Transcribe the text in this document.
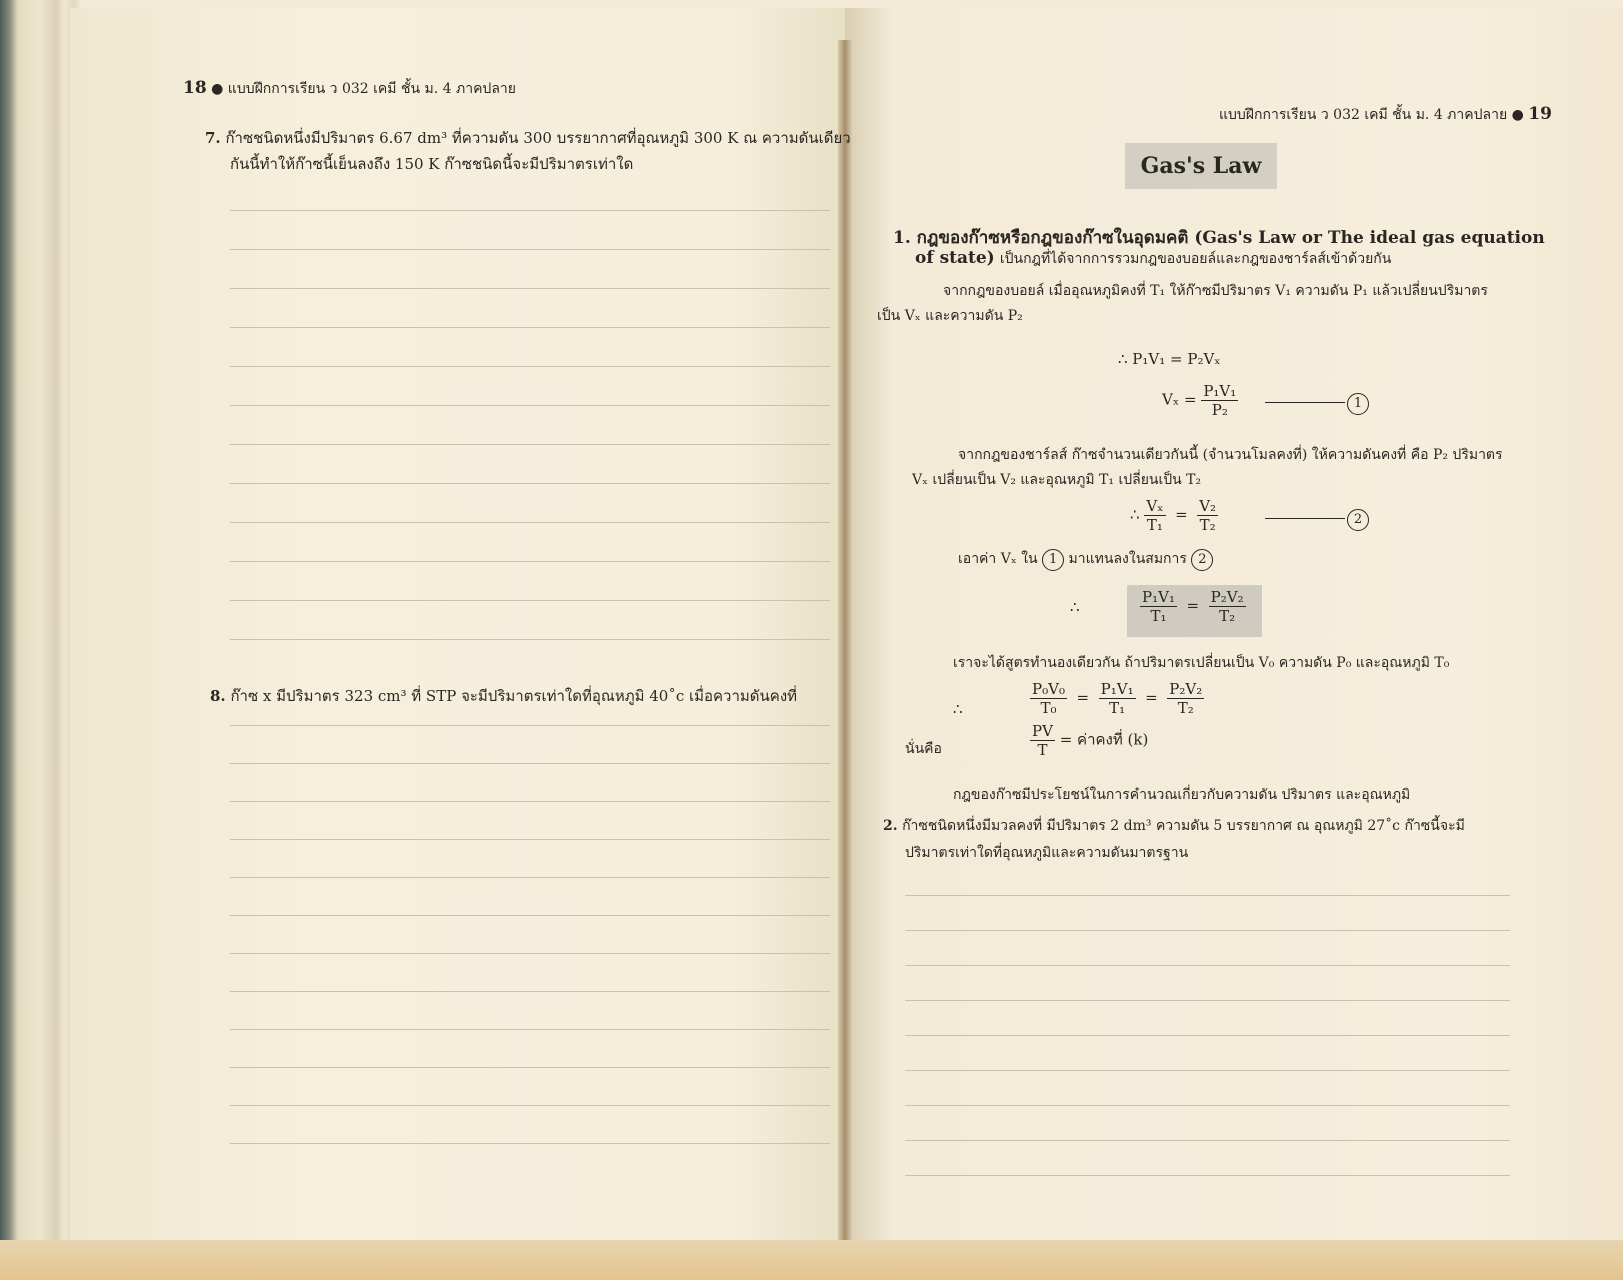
18 ● แบบฝึกการเรียน ว 032 เคมี ชั้น ม. 4 ภาคปลาย
7. ก๊าซชนิดหนึ่งมีปริมาตร 6.67 dm³ ที่ความดัน 300 บรรยากาศที่อุณหภูมิ 300 K ณ ความดันเดียว
กันนี้ทำให้ก๊าซนี้เย็นลงถึง 150 K ก๊าซชนิดนี้จะมีปริมาตรเท่าใด
8. ก๊าซ x มีปริมาตร 323 cm³ ที่ STP จะมีปริมาตรเท่าใดที่อุณหภูมิ 40˚c เมื่อความดันคงที่
แบบฝึกการเรียน ว 032 เคมี ชั้น ม. 4 ภาคปลาย ● 19
Gas's Law
1. กฎของก๊าซหรือกฎของก๊าซในอุดมคติ (Gas's Law or The ideal gas equation
of state) เป็นกฎที่ได้จากการรวมกฎของบอยล์และกฎของชาร์ลส์เข้าด้วยกัน
จากกฎของบอยล์ เมื่ออุณหภูมิคงที่ T₁ ให้ก๊าซมีปริมาตร V₁ ความดัน P₁ แล้วเปลี่ยนปริมาตร
เป็น Vₓ และความดัน P₂
∴ P₁V₁ = P₂Vₓ
$V_x = \frac{\text{P₁V₁}}{\text{P₂}}$	1
จากกฎของชาร์ลส์ ก๊าซจำนวนเดียวกันนี้ (จำนวนโมลคงที่) ให้ความดันคงที่ คือ P₂ ปริมาตร
Vₓ เปลี่ยนเป็น V₂ และอุณหภูมิ T₁ เปลี่ยนเป็น T₂
∴ $\frac{\text{Vₓ}}{\text{T₁}} = \frac{\text{V₂}}{\text{T₂}}$	2
เอาค่า Vₓ ใน 1 มาแทนลงในสมการ 2
∴	$\frac{\text{P₁V₁}}{\text{T₁}} = \frac{\text{P₂V₂}}{\text{T₂}}$
เราจะได้สูตรทำนองเดียวกัน ถ้าปริมาตรเปลี่ยนเป็น V₀ ความดัน P₀ และอุณหภูมิ T₀
∴	$\frac{\text{P₀V₀}}{\text{T₀}} = \frac{\text{P₁V₁}}{\text{T₁}} = \frac{\text{P₂V₂}}{\text{T₂}}$
นั่นคือ	$\frac{PV}{T}$ = ค่าคงที่ (k)
กฎของก๊าซมีประโยชน์ในการคำนวณเกี่ยวกับความดัน ปริมาตร และอุณหภูมิ
2. ก๊าซชนิดหนึ่งมีมวลคงที่ มีปริมาตร 2 dm³ ความดัน 5 บรรยากาศ ณ อุณหภูมิ 27˚c ก๊าซนี้จะมี
ปริมาตรเท่าใดที่อุณหภูมิและความดันมาตรฐาน
